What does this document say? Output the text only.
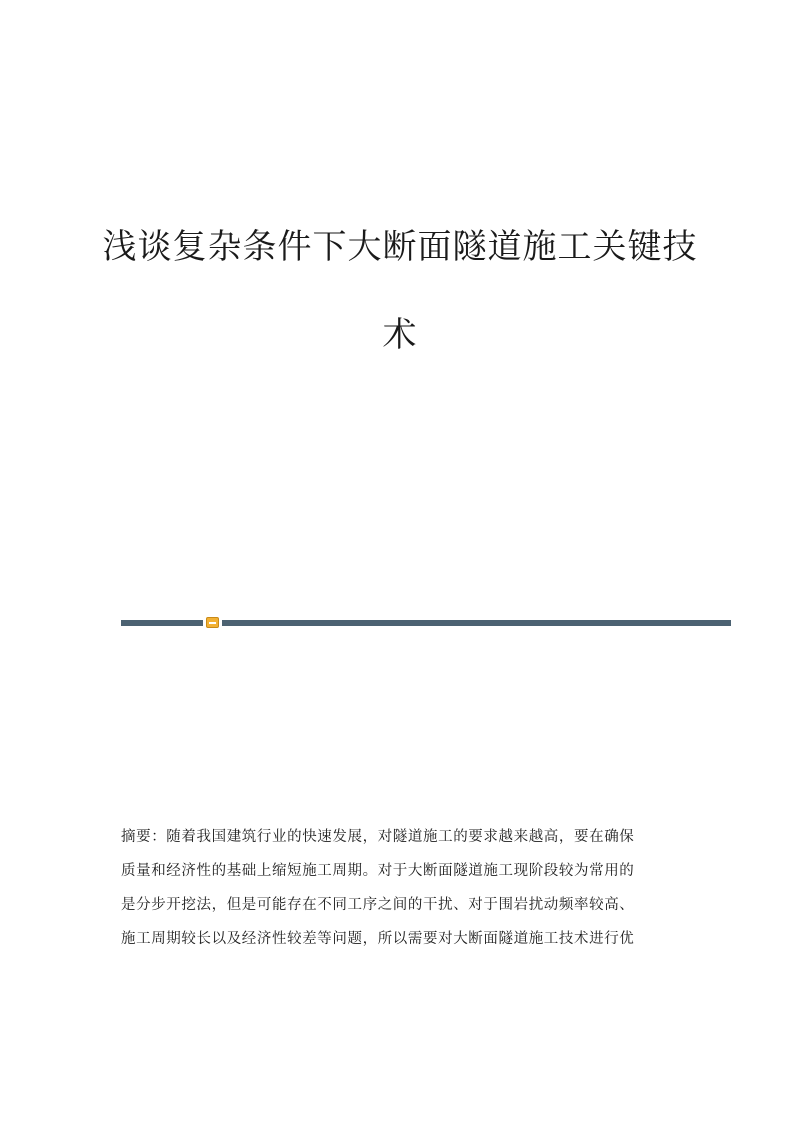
浅谈复杂条件下大断面隧道施工关键技

术

摘要：随着我国建筑行业的快速发展，对隧道施工的要求越来越高，要在确保
质量和经济性的基础上缩短施工周期。对于大断面隧道施工现阶段较为常用的
是分步开挖法，但是可能存在不同工序之间的干扰、对于围岩扰动频率较高、
施工周期较长以及经济性较差等问题，所以需要对大断面隧道施工技术进行优
